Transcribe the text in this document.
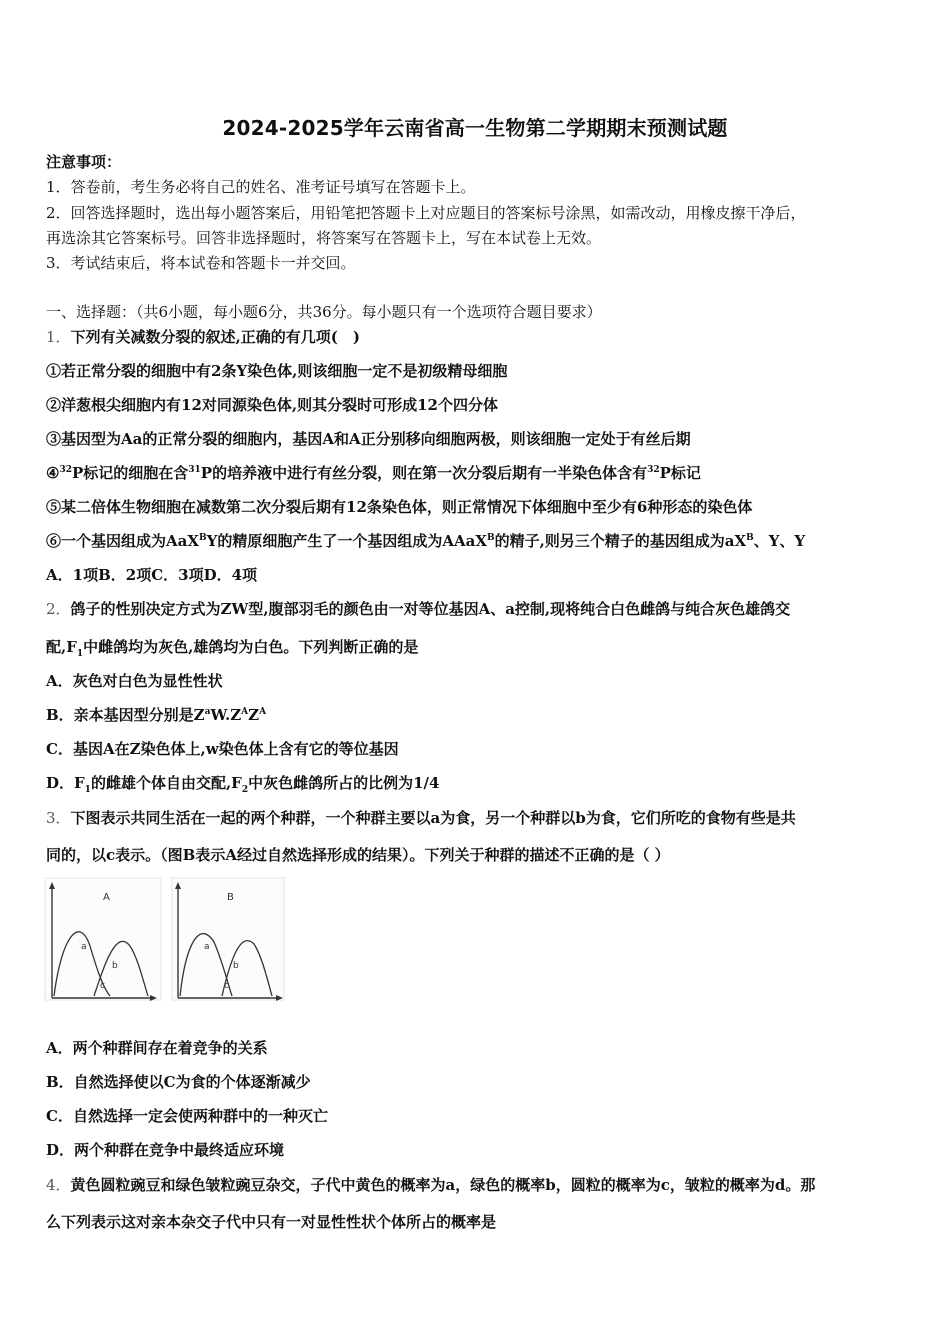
2024-2025学年云南省高一生物第二学期期末预测试题
注意事项：
1．答卷前，考生务必将自己的姓名、准考证号填写在答题卡上。
2．回答选择题时，选出每小题答案后，用铅笔把答题卡上对应题目的答案标号涂黑，如需改动，用橡皮擦干净后，
再选涂其它答案标号。回答非选择题时，将答案写在答题卡上，写在本试卷上无效。
3．考试结束后，将本试卷和答题卡一并交回。
一、选择题：（共6小题，每小题6分，共36分。每小题只有一个选项符合题目要求）
1．下列有关减数分裂的叙述,正确的有几项(　)
①若正常分裂的细胞中有2条Y染色体,则该细胞一定不是初级精母细胞
②洋葱根尖细胞内有12对同源染色体,则其分裂时可形成12个四分体
③基因型为Aa的正常分裂的细胞内，基因A和A正分别移向细胞两极，则该细胞一定处于有丝后期
④$^{32}$P标记的细胞在含$^{31}$P的培养液中进行有丝分裂，则在第一次分裂后期有一半染色体含有$^{32}$P标记
⑤某二倍体生物细胞在减数第二次分裂后期有12条染色体，则正常情况下体细胞中至少有6种形态的染色体
⑥一个基因组成为AaX$^B$Y的精原细胞产生了一个基因组成为AAaX$^B$的精子,则另三个精子的基因组成为$aX^B$、Y、Y
A．1项B．2项C．3项D．4项
2．鸽子的性别决定方式为ZW型,腹部羽毛的颜色由一对等位基因A、a控制,现将纯合白色雌鸽与纯合灰色雄鸽交
配$,F_1$中雌鸽均为灰色,雄鸽均为白色。下列判断正确的是
A．灰色对白色为显性性状
B．亲本基因型分别是$Z^aW.Z^AZ^A$
C．基因A在Z染色体上,w染色体上含有它的等位基因
D．$F_1$的雌雄个体自由交配$,F_2$中灰色雌鸽所占的比例为1/4
3．下图表示共同生活在一起的两个种群，一个种群主要以a为食，另一个种群以b为食，它们所吃的食物有些是共
同的，以c表示。（图B表示A经过自然选择形成的结果）。下列关于种群的描述不正确的是（ ）
A
a
b
c
B
a
b
c
A．两个种群间存在着竞争的关系
B．自然选择使以C为食的个体逐渐减少
C．自然选择一定会使两种群中的一种灭亡
D．两个种群在竞争中最终适应环境
4．黄色圆粒豌豆和绿色皱粒豌豆杂交，子代中黄色的概率为a，绿色的概率b，圆粒的概率为c，皱粒的概率为d。那
么下列表示这对亲本杂交子代中只有一对显性性状个体所占的概率是
